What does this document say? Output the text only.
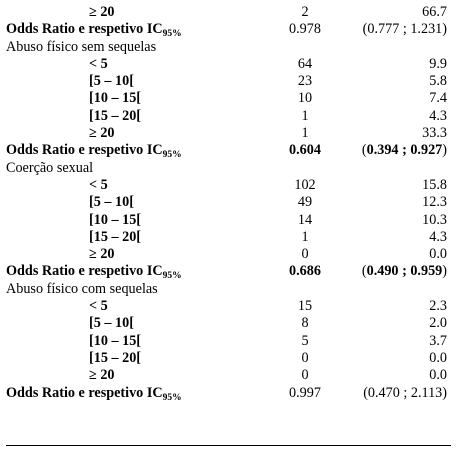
≥ 20	2	66.7
Odds Ratio e respetivo $IC_{95\%}$	0.978	(0.777 ; 1.231)
Abuso físico sem sequelas
< 5	64	9.9
[5 – 10[	23	5.8
[10 – 15[	10	7.4
[15 – 20[	1	4.3
≥ 20	1	33.3
Odds Ratio e respetivo $IC_{95\%}$	0.604	(0.394 ; 0.927)
Coerção sexual
< 5	102	15.8
[5 – 10[	49	12.3
[10 – 15[	14	10.3
[15 – 20[	1	4.3
≥ 20	0	0.0
Odds Ratio e respetivo $IC_{95\%}$	0.686	(0.490 ; 0.959)
Abuso físico com sequelas
< 5	15	2.3
[5 – 10[	8	2.0
[10 – 15[	5	3.7
[15 – 20[	0	0.0
≥ 20	0	0.0
Odds Ratio e respetivo $IC_{95\%}$	0.997	(0.470 ; 2.113)
